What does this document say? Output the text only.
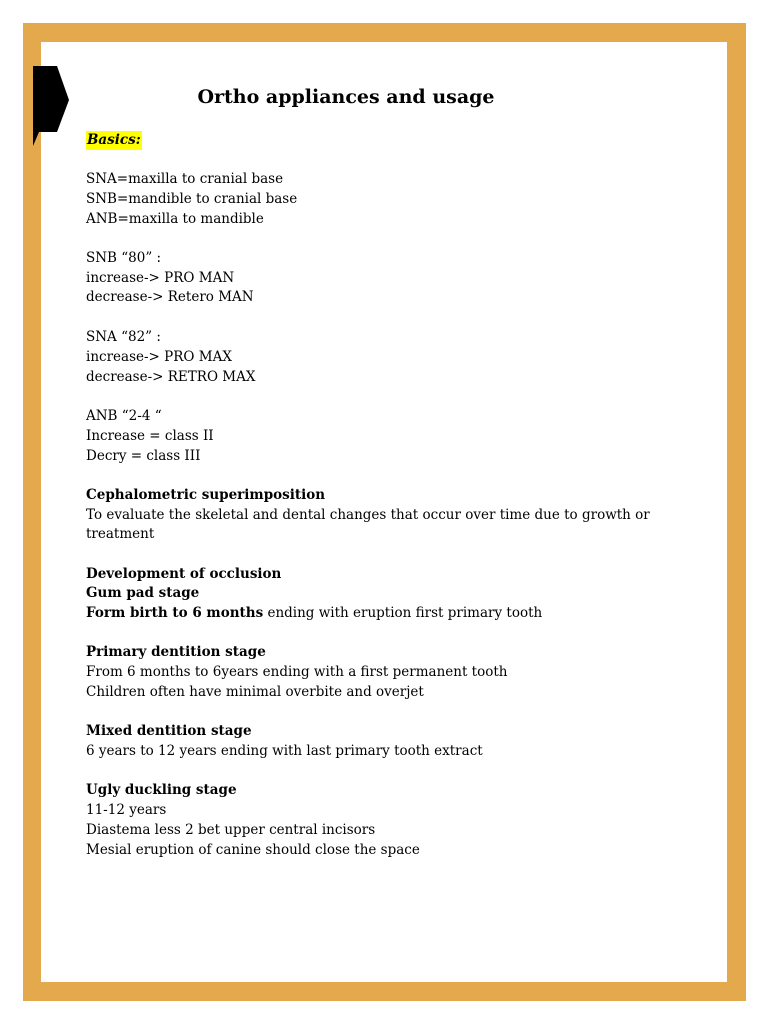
Ortho appliances and usage
Basics:
SNA=maxilla to cranial base
SNB=mandible to cranial base
ANB=maxilla to mandible
SNB “80” :
increase-> PRO MAN
decrease-> Retero MAN
SNA “82” :
increase-> PRO MAX
decrease-> RETRO MAX
ANB “2-4 “
Increase = class II
Decry = class III
Cephalometric superimposition
To evaluate the skeletal and dental changes that occur over time due to growth or
treatment
Development of occlusion
Gum pad stage
Form birth to 6 months ending with eruption first primary tooth
Primary dentition stage
From 6 months to 6years ending with a first permanent tooth
Children often have minimal overbite and overjet
Mixed dentition stage
6 years to 12 years ending with last primary tooth extract
Ugly duckling stage
11-12 years
Diastema less 2 bet upper central incisors
Mesial eruption of canine should close the space
